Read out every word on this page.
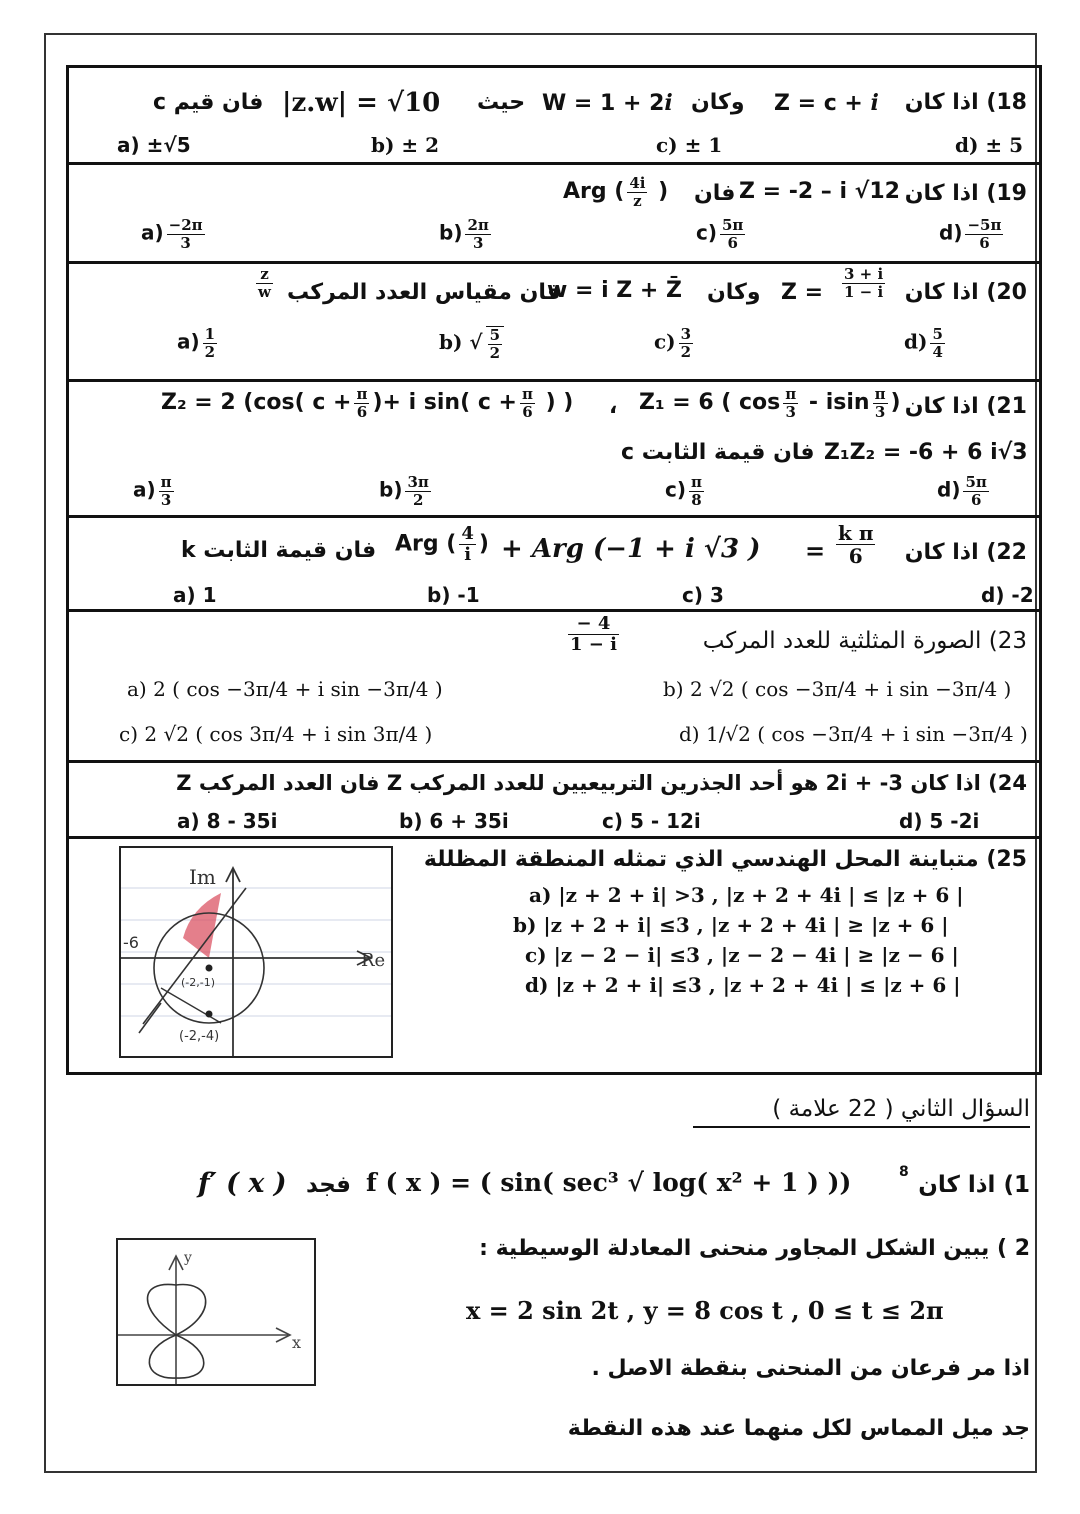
18) اذا كان
Z = c + i
وكان
W = 1 + 2i
حيث
|z.w| = √10
فان قيم c
a) ±√5	b) ± 2	c) ± 1	d) ± 5
19) اذا كان
Z = -2 – i √12
فان
Arg ( $\frac{4i}{z}$ )
$a) \frac{-2\pi}{3}$	$b) \frac{2\pi}{3}$	$c) \frac{5\pi}{6}$	$d) \frac{-5\pi}{6}$
20) اذا كان
$Z = \frac{3 + i}{1 - i}$
وكان
w = i Z + Z̄
فان مقياس العدد المركب
$\frac{z}{w}$
$a) \frac{1}{2}$	b) √ $\frac{5}{2}$	$c) \frac{3}{2}$	$d) \frac{5}{4}$
21) اذا كان
Z₁ = 6 ( $\cos \frac{\pi}{3}$ - isin $\frac{\pi}{3}$ )
،
Z₂ = 2 (cos( $c + \frac{\pi}{6}$ )+ i sin( $c + \frac{\pi}{6}$ ) )
Z₁Z₂ = -6 + 6 i√3
فان قيمة الثابت c
$a) \frac{\pi}{3}$	$b) \frac{3\pi}{2}$	$c) \frac{\pi}{8}$	$d) \frac{5\pi}{6}$
22) اذا كان
$\frac{\text{k π}}{6}$
=
+ Arg (−1 + i √3 )
Arg ( $\frac{4}{i}$ )
فان قيمة الثابت k
a) 1	b) -1	c) 3	d) -2
23) الصورة المثلثية للعدد المركب
$\frac{- 4}{1 - i}$
a) 2 ( cos −3π/4 + i sin −3π/4 )	b) 2 √2 ( cos −3π/4 + i sin −3π/4 )
c) 2 √2 ( cos 3π/4 + i sin 3π/4 )	d) 1/√2 ( cos −3π/4 + i sin −3π/4 )
24) اذا كان 3- + 2i هو أحد الجذرين التربيعيين للعدد المركب Z فان العدد المركب Z
a) 8 - 35i	b) 6 + 35i	c) 5 - 12i	d) 5 -2i
25) متباينة المحل الهندسي الذي تمثله المنطقة المظللة
a) |z + 2 + i| >3 , |z + 2 + 4i | ≤ |z + 6 |
b) |z + 2 + i| ≤3 , |z + 2 + 4i | ≥ |z + 6 |
c) |z − 2 − i| ≤3 , |z − 2 − 4i | ≥ |z − 6 |
d) |z + 2 + i| ≤3 , |z + 2 + 4i | ≤ |z + 6 |
Im
Re
-6
(-2,-1)
(-2,-4)
السؤال الثاني ( 22 علامة )
1) اذا كان
8
f ( x ) = ( sin( sec³ √ log( x² + 1 ) ))
فجد
f′ ( x )
2 ) يبين الشكل المجاور منحنى المعادلة الوسيطية :
x = 2 sin 2t , y = 8 cos t , 0 ≤ t ≤ 2π
اذا مر فرعان من المنحنى بنقطة الاصل .
جد ميل المماس لكل منهما عند هذه النقطة
x
y
